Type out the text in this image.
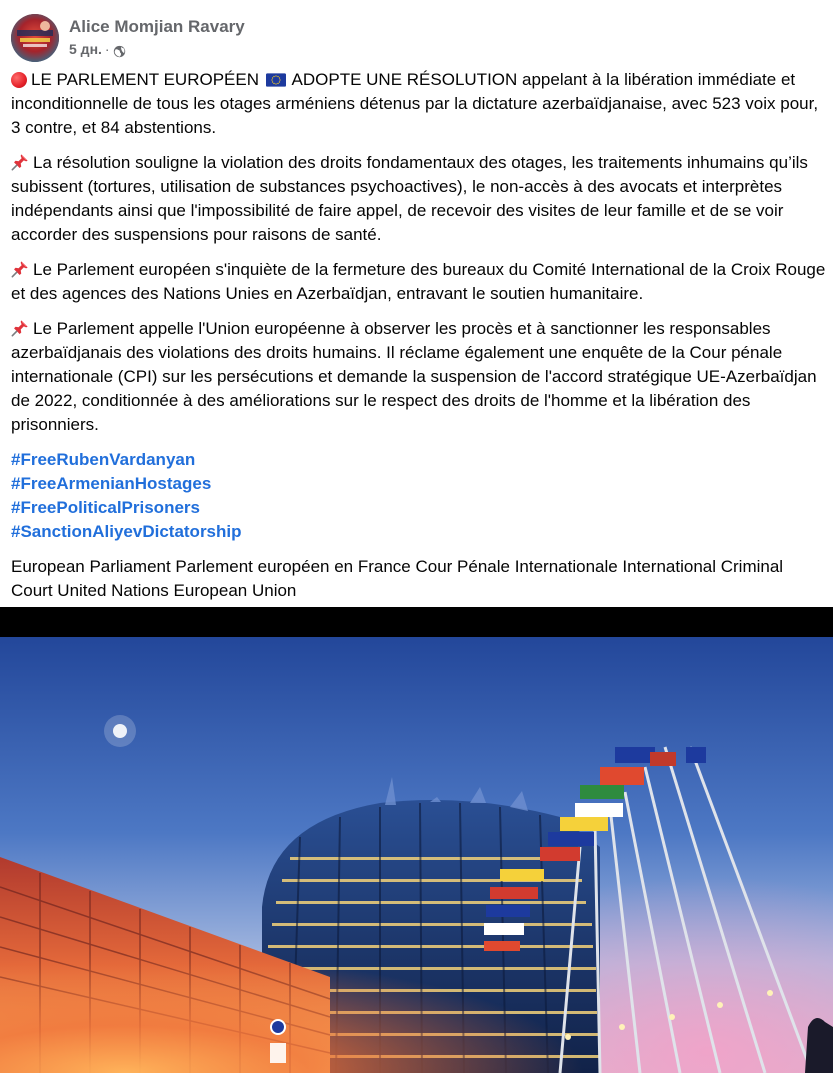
Alice Momjian Ravary
5 дн. ·

LE PARLEMENT EUROPÉEN ADOPTE UNE RÉSOLUTION appelant à la libération immédiate et inconditionnelle de tous les otages arméniens détenus par la dictature azerbaïdjanaise, avec 523 voix pour, 3 contre, et 84 abstentions.

La résolution souligne la violation des droits fondamentaux des otages, les traitements inhumains qu’ils subissent (tortures, utilisation de substances psychoactives), le non-accès à des avocats et interprètes indépendants ainsi que l'impossibilité de faire appel, de recevoir des visites de leur famille et de se voir accorder des suspensions pour raisons de santé.

Le Parlement européen s'inquiète de la fermeture des bureaux du Comité International de la Croix Rouge et des agences des Nations Unies en Azerbaïdjan, entravant le soutien humanitaire.

Le Parlement appelle l'Union européenne à observer les procès et à sanctionner les responsables azerbaïdjanais des violations des droits humains. Il réclame également une enquête de la Cour pénale internationale (CPI) sur les persécutions et demande la suspension de l'accord stratégique UE-Azerbaïdjan de 2022, conditionnée à des améliorations sur le respect des droits de l'homme et la libération des prisonniers.

#FreeRubenVardanyan
#FreeArmenianHostages
#FreePoliticalPrisoners
#SanctionAliyevDictatorship

European Parliament Parlement européen en France Cour Pénale Internationale International Criminal Court United Nations European Union
